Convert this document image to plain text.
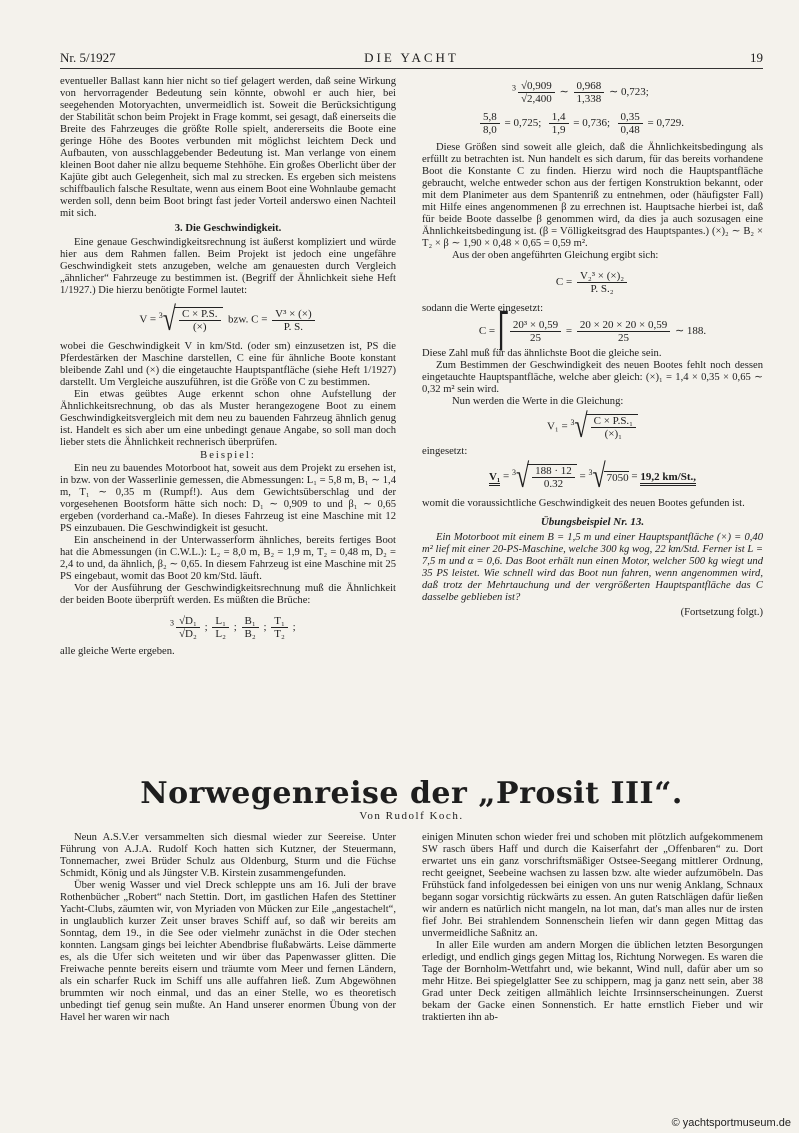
Nr. 5/1927	DIE YACHT	19

eventueller Ballast kann hier nicht so tief gelagert werden, daß seine Wirkung von hervorragender Bedeutung sein könnte, obwohl er auch hier, bei seegehenden Motoryachten, unvermeidlich ist. Soweit die Berücksichtigung der Stabilität schon beim Projekt in Frage kommt, sei gesagt, daß einerseits die Breite des Fahrzeuges die größte Rolle spielt, andererseits die Boote eine geringe Höhe des Bootes verbunden mit möglichst leichtem Deck und Aufbauten, von ausschlaggebender Bedeutung ist. Man verlange von einem kleinen Boot daher nie allzu bequeme Stehhöhe. Ein großes Oberlicht über der Kajüte gibt auch Gelegenheit, sich mal zu strecken. Es ergeben sich meistens schiffbaulich falsche Resultate, wenn aus einem Boot eine Wohnlaube gemacht werden soll, denn beim Boot bringt fast jeder Vorteil anderswo einen Nachteil mit sich.

3. Die Geschwindigkeit.

Eine genaue Geschwindigkeitsrechnung ist äußerst kompliziert und würde hier aus dem Rahmen fallen. Beim Projekt ist jedoch eine ungefähre Geschwindigkeit stets anzugeben, welche am genauesten durch Vergleich „ähnlicher“ Fahrzeuge zu bestimmen ist. (Begriff der Ähnlichkeit siehe Heft 1/1927.) Die hierzu benötigte Formel lautet:

$V = ^3√ \frac{C \times P.S.}{(\times)}$ bzw. $C = \frac{\text{V³ × (×)}}{P. S.}$

wobei die Geschwindigkeit V in km/Std. (oder sm) einzusetzen ist, PS die Pferdestärken der Maschine darstellen, C eine für ähnliche Boote konstant bleibende Zahl und (×) die eingetauchte Hauptspantfläche (siehe Heft 1/1927) darstellt. Um Vergleiche auszuführen, ist die Größe von C zu bestimmen.

Ein etwas geübtes Auge erkennt schon ohne Aufstellung der Ähnlichkeitsrechnung, ob das als Muster herangezogene Boot zu einem Geschwindigkeitsvergleich mit dem neu zu bauenden Fahrzeug ähnlich genug ist. Handelt es sich aber um eine unbedingt genaue Angabe, so soll man doch lieber stets die Ähnlichkeit rechnerisch überprüfen.

Beispiel:

Ein neu zu bauendes Motorboot hat, soweit aus dem Projekt zu ersehen ist, in bzw. von der Wasserlinie gemessen, die Abmessungen: L₁ = 5,8 m, B₁ ∼ 1,4 m, T₁ ∼ 0,35 m (Rumpf!). Aus dem Gewichtsüberschlag und der vorgesehenen Bootsform hätte sich noch: D₁ ∼ 0,909 to und β₁ ∼ 0,65 ergeben (vorderhand ca.-Maße). In dieses Fahrzeug ist eine Maschine mit 12 PS einzubauen. Die Geschwindigkeit ist gesucht.

Ein anscheinend in der Unterwasserform ähnliches, bereits fertiges Boot hat die Abmessungen (in C.W.L.): L₂ = 8,0 m, B₂ = 1,9 m, T₂ = 0,48 m, D₂ = 2,4 to und, da ähnlich, β₂ ∼ 0,65. In diesem Fahrzeug ist eine Maschine mit 25 PS eingebaut, womit das Boot 20 km/Std. läuft.

Vor der Ausführung der Geschwindigkeitsrechnung muß die Ähnlichkeit der beiden Boote überprüft werden. Es müßten die Brüche:

$^3 \frac{\text{√D₁}}{\text{√D₂}}$ ; $\frac{\text{L₁}}{\text{L₂}}$ ; $\frac{\text{B₁}}{\text{B₂}}$ ; $\frac{\text{T₁}}{\text{T₂}}$ ;

alle gleiche Werte ergeben.

$^3 \frac{√0,909}{√2,400}$ ∼ $\frac{0,968}{1,338}$ ∼ 0,723;
$\frac{5,8}{8,0} = 0,725$; $\frac{1,4}{1,9} = 0,736$; $\frac{0,35}{0,48} = 0,729$.

Diese Größen sind soweit alle gleich, daß die Ähnlichkeitsbedingung als erfüllt zu betrachten ist. Nun handelt es sich darum, für das bereits vorhandene Boot die Konstante C zu finden. Hierzu wird noch die Hauptspantfläche gebraucht, welche entweder schon aus der fertigen Konstruktion bekannt, oder mit dem Planimeter aus dem Spantenriß zu entnehmen, oder (häufigster Fall) mit Hilfe eines angenommenen β zu errechnen ist. Hauptsache hierbei ist, daß für beide Boote dasselbe β genommen wird, da dies ja auch sozusagen eine Ähnlichkeitsbedingung ist. (β = Völligkeitsgrad des Hauptspantes.) (×)₂ ∼ B₂ × T₂ × β ∼ 1,90 × 0,48 × 0,65 = 0,59 m².

Aus der oben angeführten Gleichung ergibt sich:

$C = \frac{\text{V₂³ × (×)₂}}{\text{P. S.₂}}$

sodann die Werte eingesetzt:

C = ⎡ $\frac{\text{20³ × 0,59}}{25} = \frac{20 \times 20 \times 20 \times 0,59}{25}$ ∼ 188.

Diese Zahl muß für das ähnlichste Boot die gleiche sein.

Zum Bestimmen der Geschwindigkeit des neuen Bootes fehlt noch dessen eingetauchte Hauptspantfläche, welche aber gleich: (×)₁ = 1,4 × 0,35 × 0,65 ∼ 0,32 m² sein wird.

Nun werden die Werte in die Gleichung:

$V_1 = ^3√ \frac{\text{C × P.S.₁}}{\text{(×)₁}}$

eingesetzt:

$V_1 = ^3√ \frac{188 \cdot 12}{0.32} = ^3√7050 = 19,2$ km/St.,

womit die voraussichtliche Geschwindigkeit des neuen Bootes gefunden ist.

Übungsbeispiel Nr. 13.

Ein Motorboot mit einem B = 1,5 m und einer Hauptspantfläche (×) = 0,40 m² lief mit einer 20-PS-Maschine, welche 300 kg wog, 22 km/Std. Ferner ist L = 7,5 m und α = 0,6. Das Boot erhält nun einen Motor, welcher 500 kg wiegt und 35 PS leistet. Wie schnell wird das Boot nun fahren, wenn angenommen wird, daß trotz der Mehrtauchung und der vergrößerten Hauptspantfläche das C dasselbe geblieben ist?

(Fortsetzung folgt.)
Norwegenreise der „Prosit III“.
Von Rudolf Koch.

Neun A.S.V.er versammelten sich diesmal wieder zur Seereise. Unter Führung von A.J.A. Rudolf Koch hatten sich Kutzner, der Steuermann, Tonnemacher, zwei Brüder Schulz aus Oldenburg, Sturm und die Füchse Schmidt, König und als Jüngster V.B. Kirstein zusammengefunden.

Über wenig Wasser und viel Dreck schleppte uns am 16. Juli der brave Rothenbücher „Robert“ nach Stettin. Dort, im gastlichen Hafen des Stettiner Yacht-Clubs, zäumten wir, von Myriaden von Mücken zur Eile „angestachelt“, in unglaublich kurzer Zeit unser braves Schiff auf, so daß wir bereits am Sonntag, dem 19., in die See oder vielmehr zunächst in die Oder stechen konnten. Langsam gings bei leichter Abendbrise flußabwärts. Leise dämmerte es, als die Ufer sich weiteten und wir über das Papenwasser glitten. Die Freiwache pennte bereits eisern und träumte vom Meer und fernen Ländern, als ein scharfer Ruck im Schiff uns alle auffahren ließ. Zum Abgewöhnen brummten wir noch einmal, und das an einer Stelle, wo es theoretisch unbedingt tief genug sein mußte. An Hand unserer enormen Übung von der Havel her waren wir nach

einigen Minuten schon wieder frei und schoben mit plötzlich aufgekommenem SW rasch übers Haff und durch die Kaiserfahrt der „Offenbaren“ zu. Dort erwartet uns ein ganz vorschriftsmäßiger Ostsee-Seegang mittlerer Ordnung, recht geeignet, Seebeine wachsen zu lassen bzw. alte wieder aufzumöbeln. Das Frühstück fand infolgedessen bei einigen von uns nur wenig Anklang, Schnaux begann sogar vorsichtig rückwärts zu essen. An guten Ratschlägen dafür ließen wir andern es natürlich nicht mangeln, na lot man, dat's man alles nur de irsten fief Johr. Bei strahlendem Sonnenschein liefen wir dann gegen Mittag das unvermeidliche Saßnitz an.

In aller Eile wurden am andern Morgen die üblichen letzten Besorgungen erledigt, und endlich gings gegen Mittag los, Richtung Norwegen. Es waren die Tage der Bornholm-Wettfahrt und, wie bekannt, Wind null, dafür aber um so mehr Hitze. Bei spiegelglatter See zu schippern, mag ja ganz nett sein, aber 38 Grad unter Deck zeitigen allmählich leichte Irrsinnserscheinungen. Zuerst bekam der Gacke einen Sonnenstich. Er hatte ernstlich Fieber und wir traktierten ihn ab-

© yachtsportmuseum.de
